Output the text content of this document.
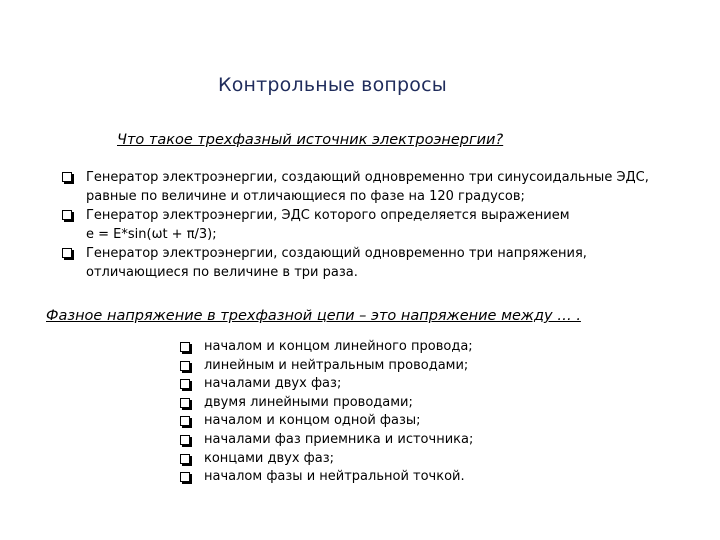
Контрольные вопросы
Что такое трехфазный источник электроэнергии?
Генератор электроэнергии, создающий одновременно три синусоидальные ЭДС,
равные по величине и отличающиеся по фазе на 120 градусов;
Генератор электроэнергии, ЭДС которого определяется выражением
e = E*sin(ωt + π/3);
Генератор электроэнергии, создающий одновременно три напряжения,
отличающиеся по величине в три раза.
Фазное напряжение в трехфазной цепи – это напряжение между … .
началом и концом линейного провода;
линейным и нейтральным проводами;
началами двух фаз;
двумя линейными проводами;
началом и концом одной фазы;
началами фаз приемника и источника;
концами двух фаз;
началом фазы и нейтральной точкой.
